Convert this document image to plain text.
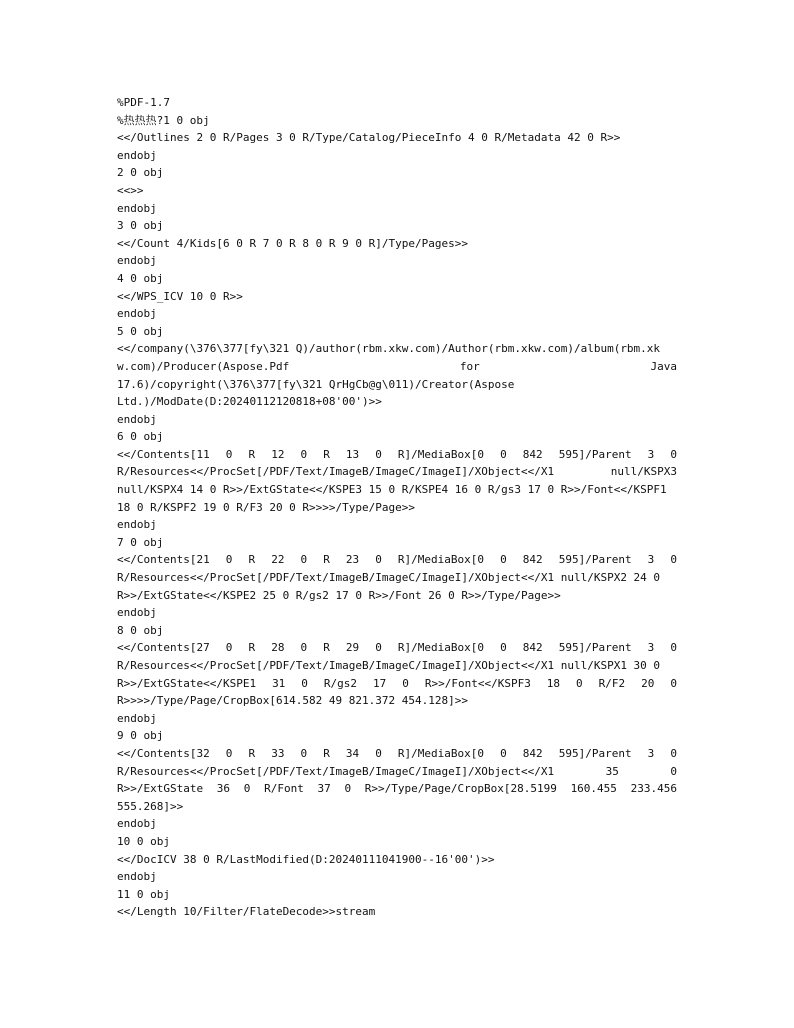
%PDF-1.7
%热热热?1 0 obj
<</Outlines 2 0 R/Pages 3 0 R/Type/Catalog/PieceInfo 4 0 R/Metadata 42 0 R>>
endobj
2 0 obj
<<>>
endobj
3 0 obj
<</Count 4/Kids[6 0 R 7 0 R 8 0 R 9 0 R]/Type/Pages>>
endobj
4 0 obj
<</WPS_ICV 10 0 R>>
endobj
5 0 obj
<</company(\376\377[fy\321 Q)/author(rbm.xkw.com)/Author(rbm.xkw.com)/album(rbm.xk
w.com)/Producer(Aspose.Pdf for Java
17.6)/copyright(\376\377[fy\321 QrHgCb@g\011)/Creator(Aspose
Ltd.)/ModDate(D:20240112120818+08'00')>>
endobj
6 0 obj
<</Contents[11 0 R 12 0 R 13 0 R]/MediaBox[0 0 842 595]/Parent 3 0
R/Resources<</ProcSet[/PDF/Text/ImageB/ImageC/ImageI]/XObject<</X1 null/KSPX3
null/KSPX4 14 0 R>>/ExtGState<</KSPE3 15 0 R/KSPE4 16 0 R/gs3 17 0 R>>/Font<</KSPF1
18 0 R/KSPF2 19 0 R/F3 20 0 R>>>>/Type/Page>>
endobj
7 0 obj
<</Contents[21 0 R 22 0 R 23 0 R]/MediaBox[0 0 842 595]/Parent 3 0
R/Resources<</ProcSet[/PDF/Text/ImageB/ImageC/ImageI]/XObject<</X1 null/KSPX2 24 0
R>>/ExtGState<</KSPE2 25 0 R/gs2 17 0 R>>/Font 26 0 R>>/Type/Page>>
endobj
8 0 obj
<</Contents[27 0 R 28 0 R 29 0 R]/MediaBox[0 0 842 595]/Parent 3 0
R/Resources<</ProcSet[/PDF/Text/ImageB/ImageC/ImageI]/XObject<</X1 null/KSPX1 30 0
R>>/ExtGState<</KSPE1 31 0 R/gs2 17 0 R>>/Font<</KSPF3 18 0 R/F2 20 0
R>>>>/Type/Page/CropBox[614.582 49 821.372 454.128]>>
endobj
9 0 obj
<</Contents[32 0 R 33 0 R 34 0 R]/MediaBox[0 0 842 595]/Parent 3 0
R/Resources<</ProcSet[/PDF/Text/ImageB/ImageC/ImageI]/XObject<</X1 35 0
R>>/ExtGState 36 0 R/Font 37 0 R>>/Type/Page/CropBox[28.5199 160.455 233.456
555.268]>>
endobj
10 0 obj
<</DocICV 38 0 R/LastModified(D:20240111041900--16'00')>>
endobj
11 0 obj
<</Length 10/Filter/FlateDecode>>stream
